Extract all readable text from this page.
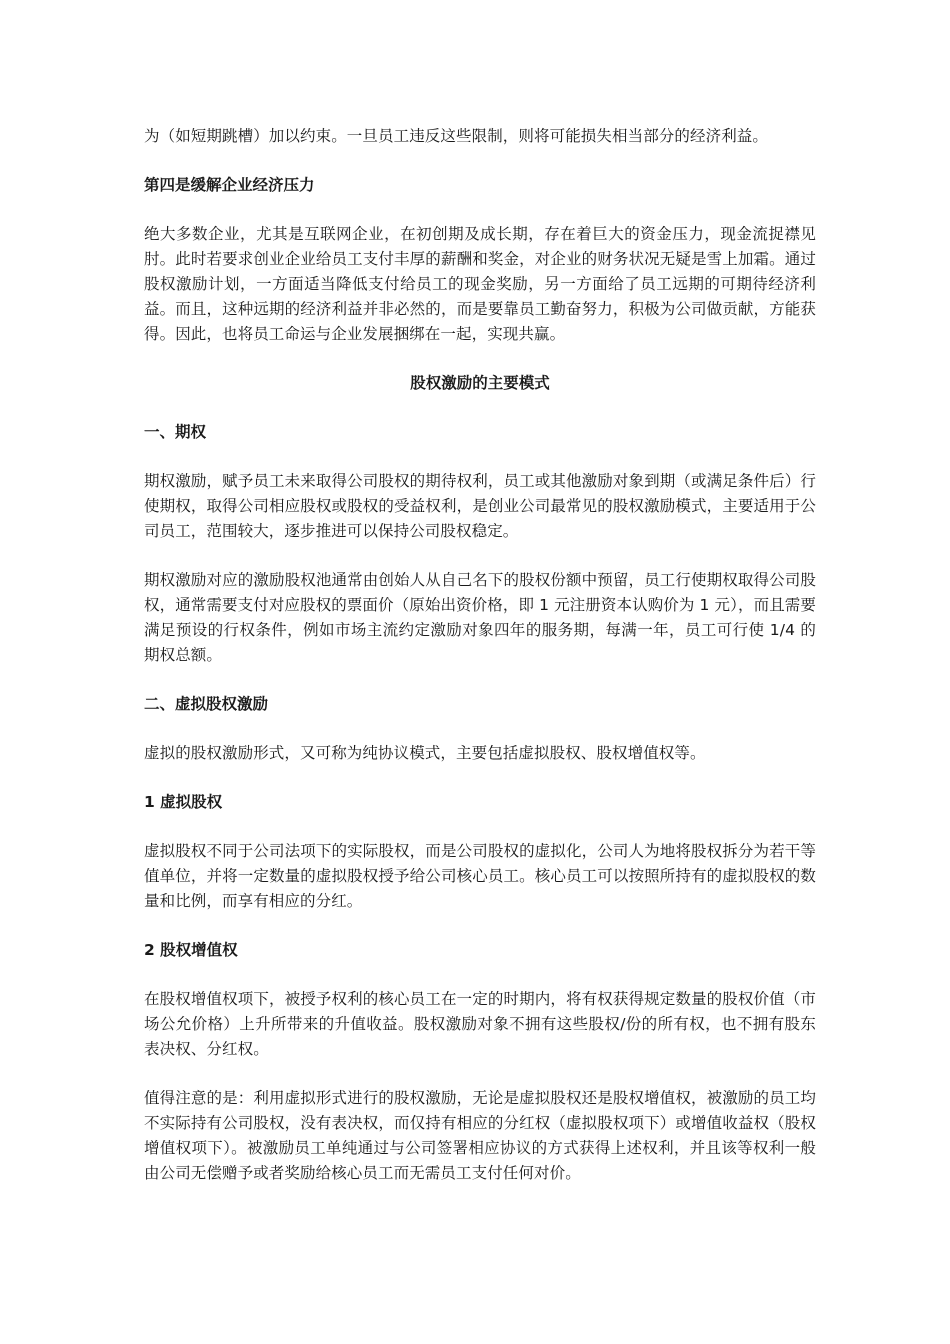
为（如短期跳槽）加以约束。一旦员工违反这些限制，则将可能损失相当部分的经济利益。

第四是缓解企业经济压力

绝大多数企业，尤其是互联网企业，在初创期及成长期，存在着巨大的资金压力，现金流捉襟见肘。此时若要求创业企业给员工支付丰厚的薪酬和奖金，对企业的财务状况无疑是雪上加霜。通过股权激励计划，一方面适当降低支付给员工的现金奖励，另一方面给了员工远期的可期待经济利益。而且，这种远期的经济利益并非必然的，而是要靠员工勤奋努力，积极为公司做贡献，方能获得。因此，也将员工命运与企业发展捆绑在一起，实现共赢。

股权激励的主要模式

一、期权

期权激励，赋予员工未来取得公司股权的期待权利，员工或其他激励对象到期（或满足条件后）行使期权，取得公司相应股权或股权的受益权利，是创业公司最常见的股权激励模式，主要适用于公司员工，范围较大，逐步推进可以保持公司股权稳定。

期权激励对应的激励股权池通常由创始人从自己名下的股权份额中预留，员工行使期权取得公司股权，通常需要支付对应股权的票面价（原始出资价格，即 1 元注册资本认购价为 1 元），而且需要满足预设的行权条件，例如市场主流约定激励对象四年的服务期，每满一年，员工可行使 1/4 的期权总额。

二、虚拟股权激励

虚拟的股权激励形式，又可称为纯协议模式，主要包括虚拟股权、股权增值权等。

1 虚拟股权

虚拟股权不同于公司法项下的实际股权，而是公司股权的虚拟化，公司人为地将股权拆分为若干等值单位，并将一定数量的虚拟股权授予给公司核心员工。核心员工可以按照所持有的虚拟股权的数量和比例，而享有相应的分红。

2 股权增值权

在股权增值权项下，被授予权利的核心员工在一定的时期内，将有权获得规定数量的股权价值（市场公允价格）上升所带来的升值收益。股权激励对象不拥有这些股权/份的所有权，也不拥有股东表决权、分红权。

值得注意的是：利用虚拟形式进行的股权激励，无论是虚拟股权还是股权增值权，被激励的员工均不实际持有公司股权，没有表决权，而仅持有相应的分红权（虚拟股权项下）或增值收益权（股权增值权项下）。被激励员工单纯通过与公司签署相应协议的方式获得上述权利，并且该等权利一般由公司无偿赠予或者奖励给核心员工而无需员工支付任何对价。
